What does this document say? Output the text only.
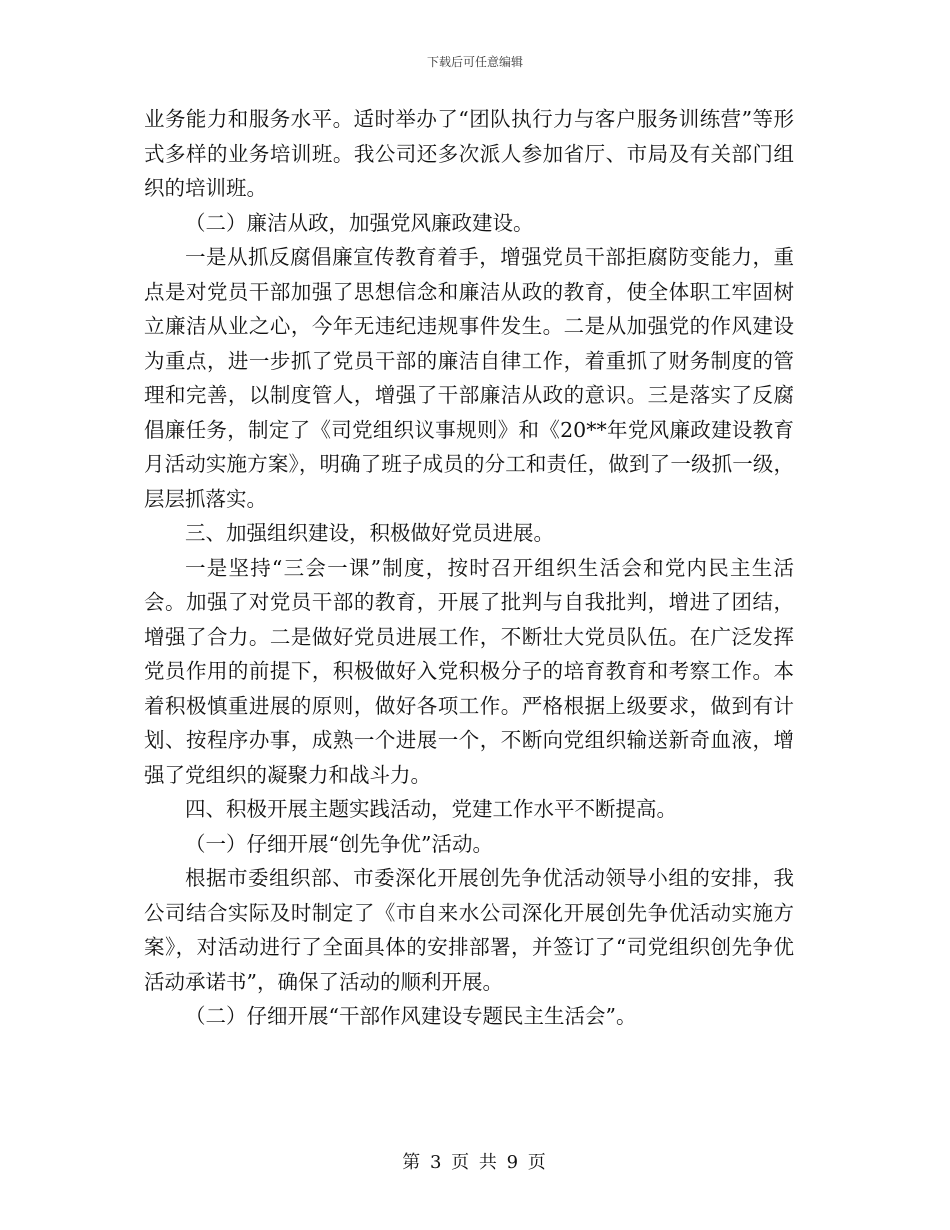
下载后可任意编辑

业务能力和服务水平。适时举办了“团队执行力与客户服务训练营”等形式多样的业务培训班。我公司还多次派人参加省厅、市局及有关部门组织的培训班。

（二）廉洁从政，加强党风廉政建设。

一是从抓反腐倡廉宣传教育着手，增强党员干部拒腐防变能力，重点是对党员干部加强了思想信念和廉洁从政的教育，使全体职工牢固树立廉洁从业之心，今年无违纪违规事件发生。二是从加强党的作风建设为重点，进一步抓了党员干部的廉洁自律工作，着重抓了财务制度的管理和完善，以制度管人，增强了干部廉洁从政的意识。三是落实了反腐倡廉任务，制定了《司党组织议事规则》和《20**年党风廉政建设教育月活动实施方案》，明确了班子成员的分工和责任，做到了一级抓一级，层层抓落实。

三、加强组织建设，积极做好党员进展。

一是坚持“三会一课”制度，按时召开组织生活会和党内民主生活会。加强了对党员干部的教育，开展了批判与自我批判，增进了团结，增强了合力。二是做好党员进展工作，不断壮大党员队伍。在广泛发挥党员作用的前提下，积极做好入党积极分子的培育教育和考察工作。本着积极慎重进展的原则，做好各项工作。严格根据上级要求，做到有计划、按程序办事，成熟一个进展一个，不断向党组织输送新奇血液，增强了党组织的凝聚力和战斗力。

四、积极开展主题实践活动，党建工作水平不断提高。

（一）仔细开展“创先争优”活动。

根据市委组织部、市委深化开展创先争优活动领导小组的安排，我公司结合实际及时制定了《市自来水公司深化开展创先争优活动实施方案》，对活动进行了全面具体的安排部署，并签订了“司党组织创先争优活动承诺书”，确保了活动的顺利开展。

（二）仔细开展“干部作风建设专题民主生活会”。

第 3 页 共 9 页
